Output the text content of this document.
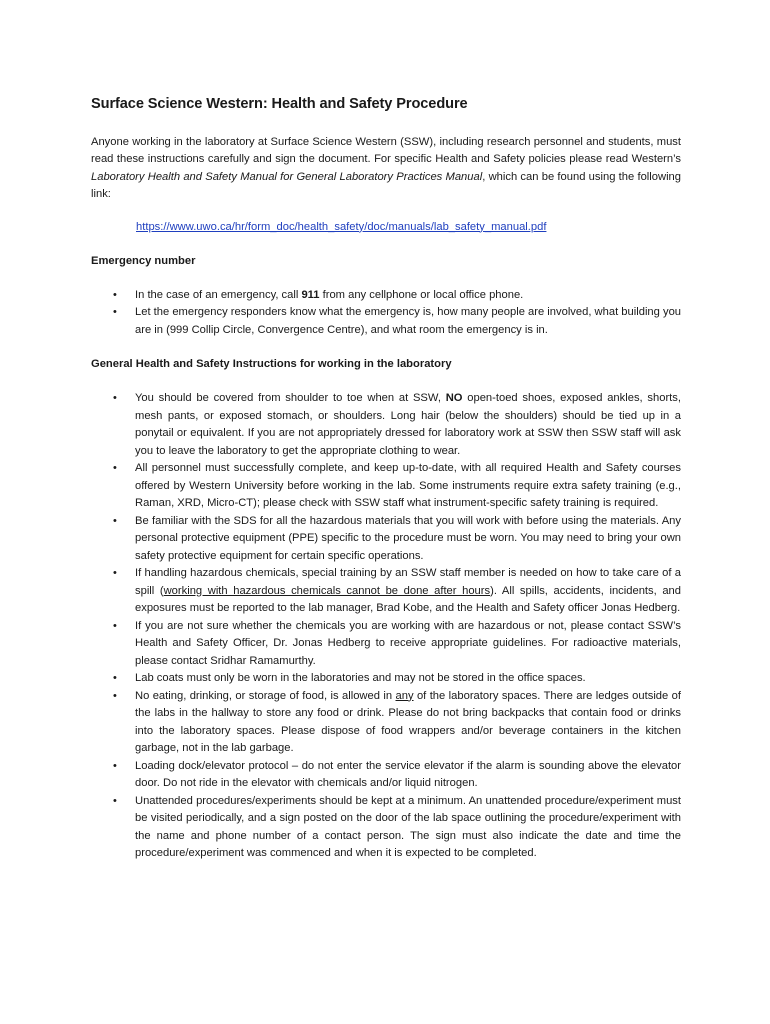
Surface Science Western: Health and Safety Procedure

Anyone working in the laboratory at Surface Science Western (SSW), including research personnel and students, must read these instructions carefully and sign the document. For specific Health and Safety policies please read Western’s Laboratory Health and Safety Manual for General Laboratory Practices Manual, which can be found using the following link:

https://www.uwo.ca/hr/form_doc/health_safety/doc/manuals/lab_safety_manual.pdf
Emergency number
• In the case of an emergency, call 911 from any cellphone or local office phone.
• Let the emergency responders know what the emergency is, how many people are involved, what building you are in (999 Collip Circle, Convergence Centre), and what room the emergency is in.
General Health and Safety Instructions for working in the laboratory
• You should be covered from shoulder to toe when at SSW, NO open-toed shoes, exposed ankles, shorts, mesh pants, or exposed stomach, or shoulders. Long hair (below the shoulders) should be tied up in a ponytail or equivalent. If you are not appropriately dressed for laboratory work at SSW then SSW staff will ask you to leave the laboratory to get the appropriate clothing to wear.
• All personnel must successfully complete, and keep up-to-date, with all required Health and Safety courses offered by Western University before working in the lab. Some instruments require extra safety training (e.g., Raman, XRD, Micro-CT); please check with SSW staff what instrument-specific safety training is required.
• Be familiar with the SDS for all the hazardous materials that you will work with before using the materials. Any personal protective equipment (PPE) specific to the procedure must be worn. You may need to bring your own safety protective equipment for certain specific operations.
• If handling hazardous chemicals, special training by an SSW staff member is needed on how to take care of a spill (working with hazardous chemicals cannot be done after hours). All spills, accidents, incidents, and exposures must be reported to the lab manager, Brad Kobe, and the Health and Safety officer Jonas Hedberg.
• If you are not sure whether the chemicals you are working with are hazardous or not, please contact SSW’s Health and Safety Officer, Dr. Jonas Hedberg to receive appropriate guidelines. For radioactive materials, please contact Sridhar Ramamurthy.
• Lab coats must only be worn in the laboratories and may not be stored in the office spaces.
• No eating, drinking, or storage of food, is allowed in any of the laboratory spaces. There are ledges outside of the labs in the hallway to store any food or drink. Please do not bring backpacks that contain food or drinks into the laboratory spaces. Please dispose of food wrappers and/or beverage containers in the kitchen garbage, not in the lab garbage.
• Loading dock/elevator protocol – do not enter the service elevator if the alarm is sounding above the elevator door. Do not ride in the elevator with chemicals and/or liquid nitrogen.
• Unattended procedures/experiments should be kept at a minimum. An unattended procedure/experiment must be visited periodically, and a sign posted on the door of the lab space outlining the procedure/experiment with the name and phone number of a contact person. The sign must also indicate the date and time the procedure/experiment was commenced and when it is expected to be completed.
